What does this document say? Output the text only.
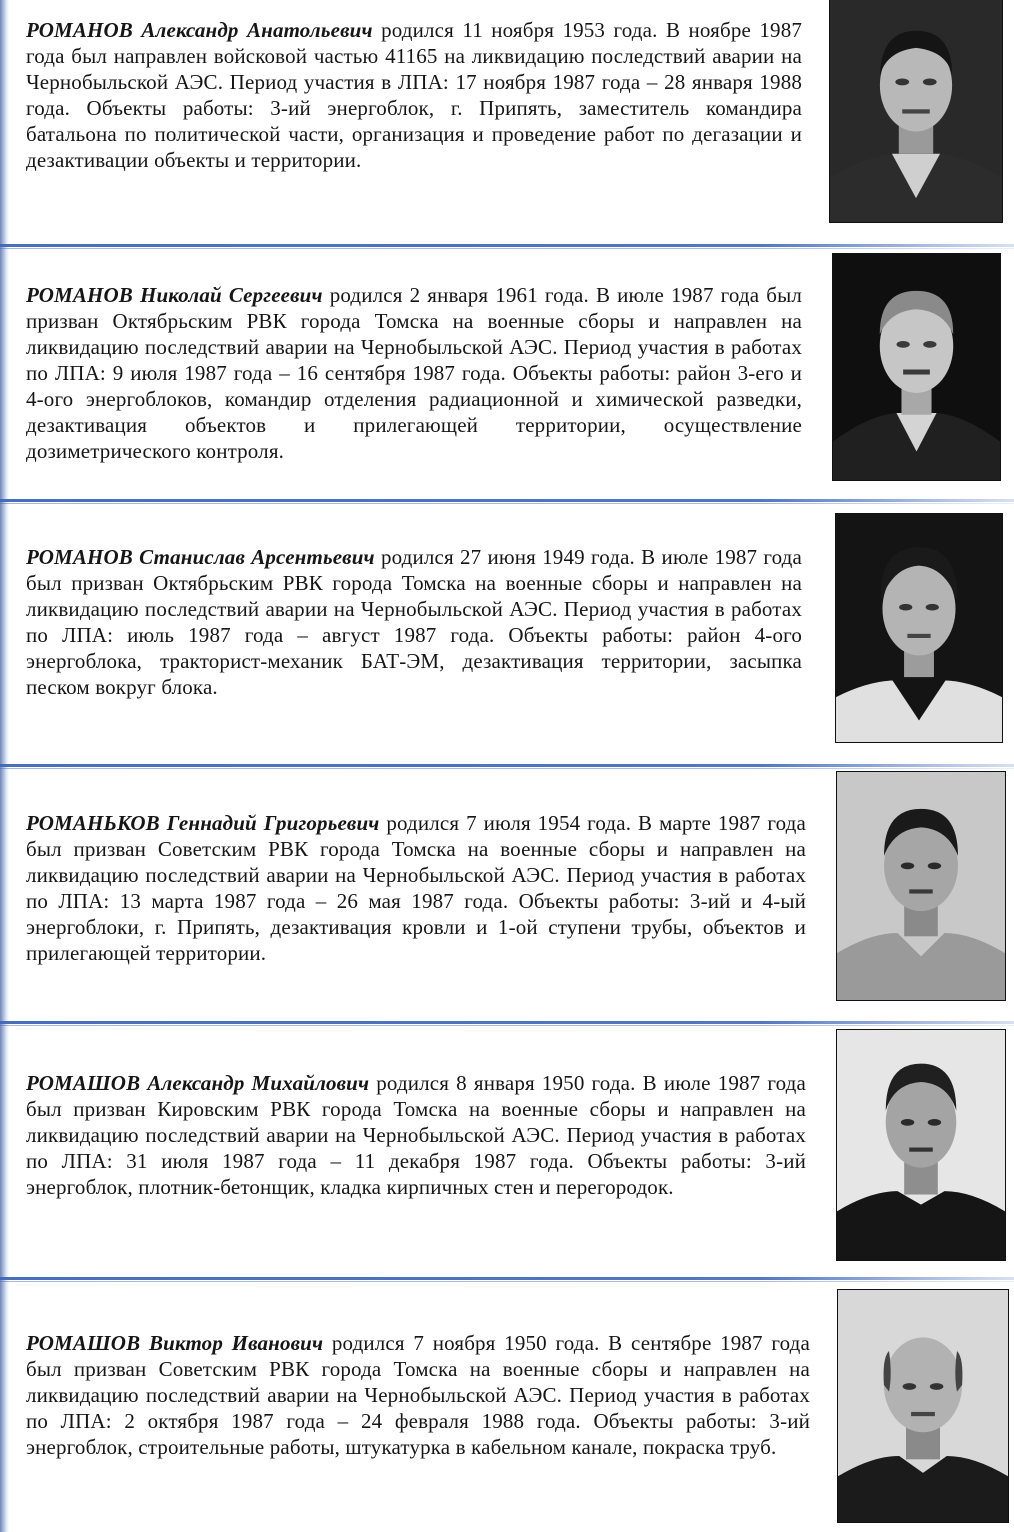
РОМАНОВ Александр Анатольевич родился 11 ноября 1953 года. В ноябре 1987 года был направлен войсковой частью 41165 на ликвидацию последствий аварии на Чернобыльской АЭС. Период участия в ЛПА: 17 ноября 1987 года – 28 января 1988 года. Объекты работы: 3-ий энергоблок, г. Припять, заместитель командира батальона по политической части, организация и проведение работ по дегазации и дезактивации объекты и территории.

РОМАНОВ Николай Сергеевич родился 2 января 1961 года. В июле 1987 года был призван Октябрьским РВК города Томска на военные сборы и направлен на ликвидацию последствий аварии на Чернобыльской АЭС. Период участия в работах по ЛПА: 9 июля 1987 года – 16 сентября 1987 года. Объекты работы: район 3-его и 4-ого энергоблоков, командир отделения радиационной и химической разведки, дезактивация объектов и прилегающей территории, осуществление дозиметрического контроля.

РОМАНОВ Станислав Арсентьевич родился 27 июня 1949 года. В июле 1987 года был призван Октябрьским РВК города Томска на военные сборы и направлен на ликвидацию последствий аварии на Чернобыльской АЭС. Период участия в работах по ЛПА: июль 1987 года – август 1987 года. Объекты работы: район 4-ого энергоблока, тракторист-механик БАТ-ЭМ, дезактивация территории, засыпка песком вокруг блока.

РОМАНЬКОВ Геннадий Григорьевич родился 7 июля 1954 года. В марте 1987 года был призван Советским РВК города Томска на военные сборы и направлен на ликвидацию последствий аварии на Чернобыльской АЭС. Период участия в работах по ЛПА: 13 марта 1987 года – 26 мая 1987 года. Объекты работы: 3-ий и 4-ый энергоблоки, г. Припять, дезактивация кровли и 1-ой ступени трубы, объектов и прилегающей территории.

РОМАШОВ Александр Михайлович родился 8 января 1950 года. В июле 1987 года был призван Кировским РВК города Томска на военные сборы и направлен на ликвидацию последствий аварии на Чернобыльской АЭС. Период участия в работах по ЛПА: 31 июля 1987 года – 11 декабря 1987 года. Объекты работы: 3-ий энергоблок, плотник-бетонщик, кладка кирпичных стен и перегородок.

РОМАШОВ Виктор Иванович родился 7 ноября 1950 года. В сентябре 1987 года был призван Советским РВК города Томска на военные сборы и направлен на ликвидацию последствий аварии на Чернобыльской АЭС. Период участия в работах по ЛПА: 2 октября 1987 года – 24 февраля 1988 года. Объекты работы: 3-ий энергоблок, строительные работы, штукатурка в кабельном канале, покраска труб.
